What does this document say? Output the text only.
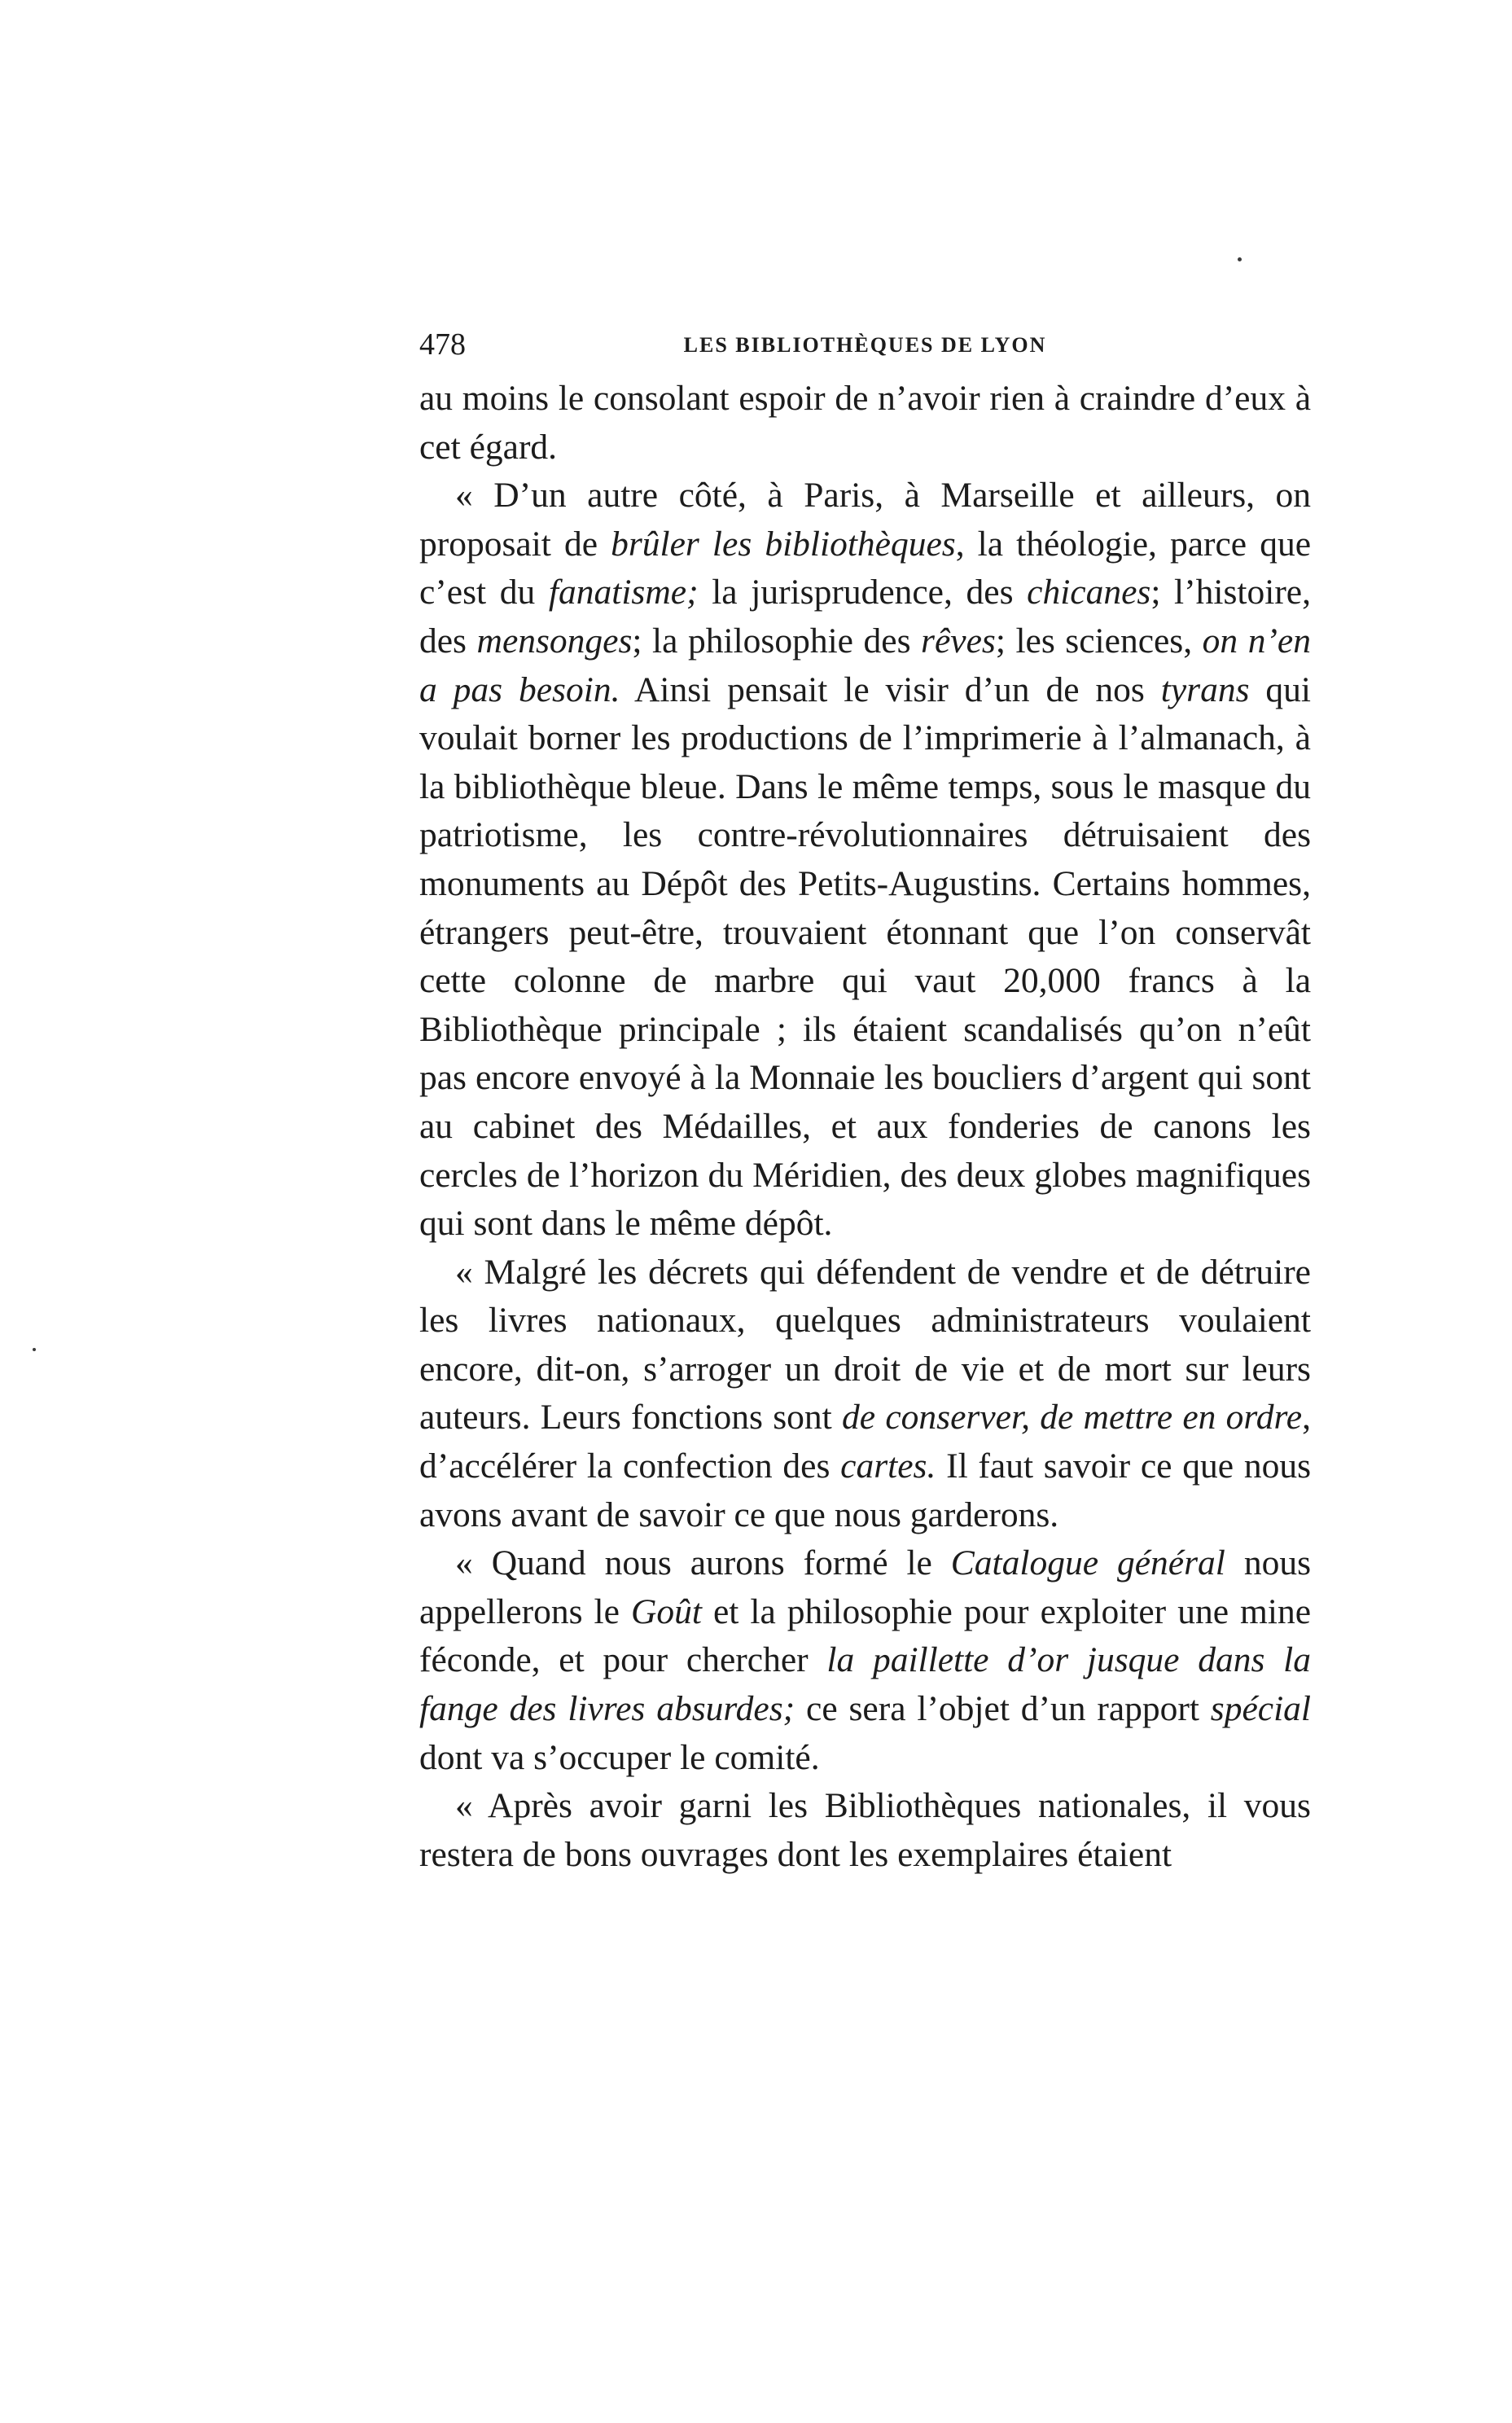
478	LES BIBLIOTHÈQUES DE LYON

au moins le consolant espoir de n’avoir rien à craindre d’eux à cet égard.

« D’un autre côté, à Paris, à Marseille et ailleurs, on proposait de brûler les bibliothèques, la théologie, parce que c’est du fanatisme; la jurisprudence, des chicanes; l’histoire, des mensonges; la philosophie des rêves; les sciences, on n’en a pas besoin. Ainsi pensait le visir d’un de nos tyrans qui voulait borner les productions de l’imprimerie à l’almanach, à la bibliothèque bleue. Dans le même temps, sous le masque du patriotisme, les contre-révolutionnaires détruisaient des monuments au Dépôt des Petits-Augustins. Certains hommes, étrangers peut-être, trouvaient étonnant que l’on conservât cette colonne de marbre qui vaut 20,000 francs à la Bibliothèque principale ; ils étaient scandalisés qu’on n’eût pas encore envoyé à la Monnaie les boucliers d’argent qui sont au cabinet des Médailles, et aux fonderies de canons les cercles de l’horizon du Méridien, des deux globes magnifiques qui sont dans le même dépôt.

« Malgré les décrets qui défendent de vendre et de détruire les livres nationaux, quelques administrateurs voulaient encore, dit-on, s’arroger un droit de vie et de mort sur leurs auteurs. Leurs fonctions sont de conserver, de mettre en ordre, d’accélérer la confection des cartes. Il faut savoir ce que nous avons avant de savoir ce que nous garderons.

« Quand nous aurons formé le Catalogue général nous appellerons le Goût et la philosophie pour exploiter une mine féconde, et pour chercher la paillette d’or jusque dans la fange des livres absurdes; ce sera l’objet d’un rapport spécial dont va s’occuper le comité.

« Après avoir garni les Bibliothèques nationales, il vous restera de bons ouvrages dont les exemplaires étaient
